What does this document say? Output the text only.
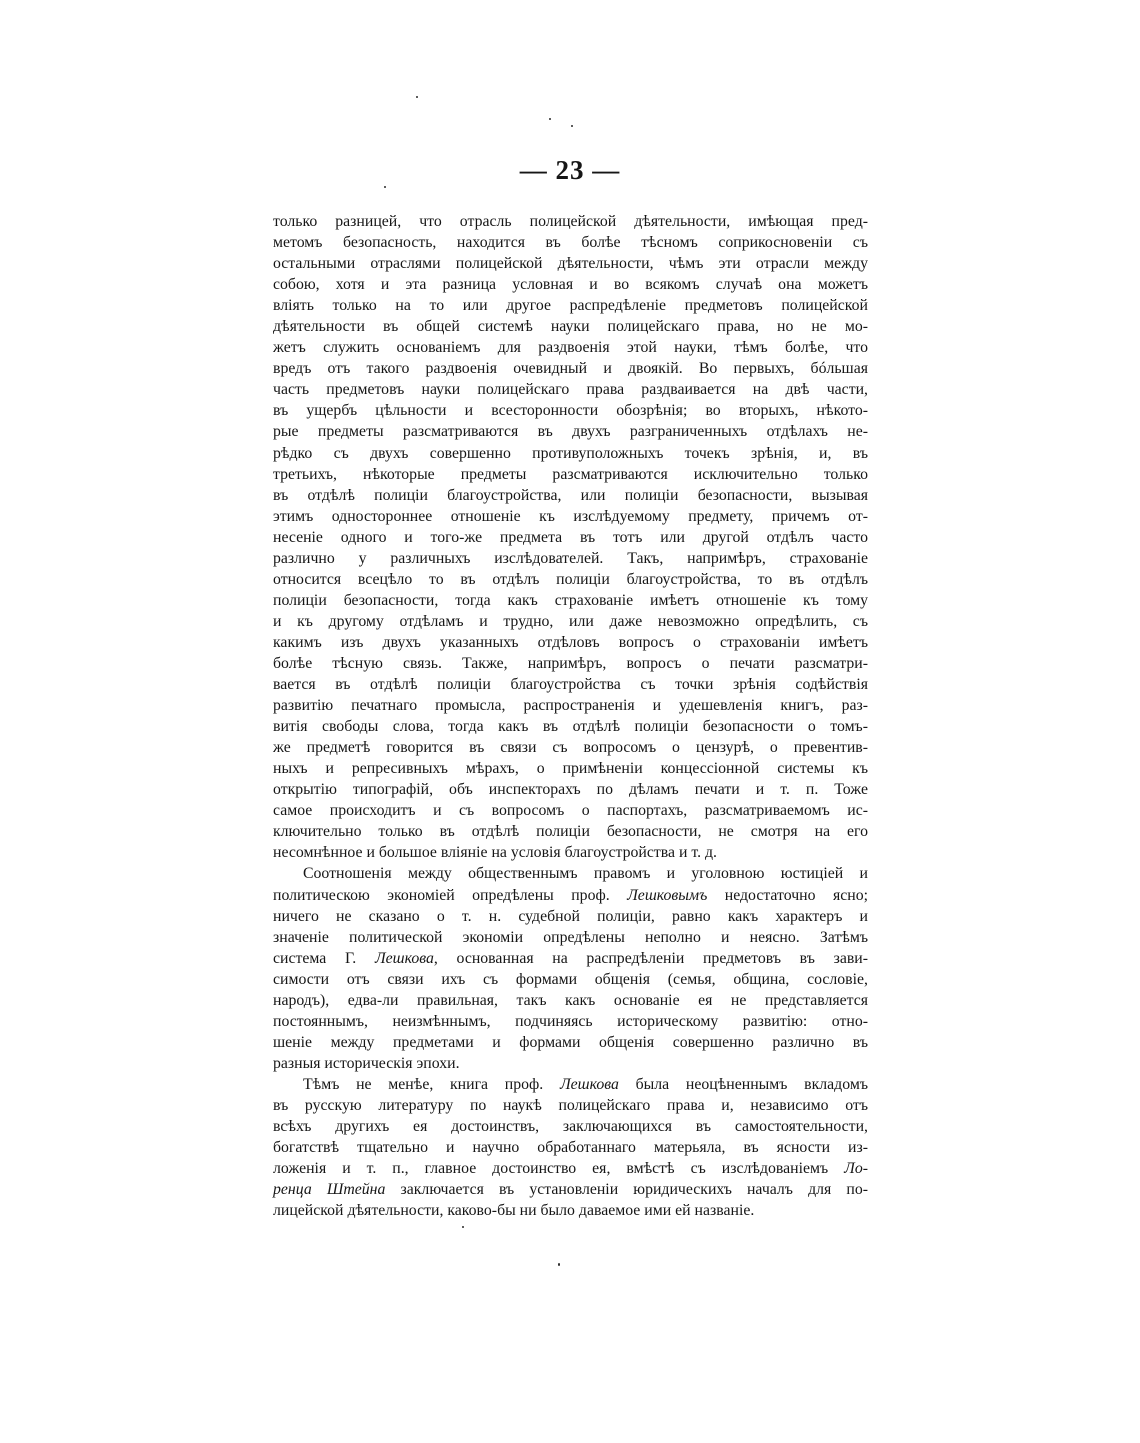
— 23 —
только разницей, что отрасль полицейской дѣятельности, имѣющая пред-
метомъ безопасность, находится въ болѣе тѣсномъ соприкосновеніи съ
остальными отраслями полицейской дѣятельности, чѣмъ эти отрасли между
собою, хотя и эта разница условная и во всякомъ случаѣ она можетъ
вліять только на то или другое распредѣленіе предметовъ полицейской
дѣятельности въ общей системѣ науки полицейскаго права, но не мо-
жетъ служить основаніемъ для раздвоенія этой науки, тѣмъ болѣе, что
вредъ отъ такого раздвоенія очевидный и двоякій. Во первыхъ, бóльшая
часть предметовъ науки полицейскаго права раздваивается на двѣ части,
въ ущербъ цѣльности и всесторонности обозрѣнія; во вторыхъ, нѣкото-
рые предметы разсматриваются въ двухъ разграниченныхъ отдѣлахъ не-
рѣдко съ двухъ совершенно противуположныхъ точекъ зрѣнія, и, въ
третьихъ, нѣкоторые предметы разсматриваются исключительно только
въ отдѣлѣ полиціи благоустройства, или полиціи безопасности, вызывая
этимъ одностороннее отношеніе къ изслѣдуемому предмету, причемъ от-
несеніе одного и того-же предмета въ тотъ или другой отдѣлъ часто
различно у различныхъ изслѣдователей. Такъ, напримѣръ, страхованіе
относится всецѣло то въ отдѣлъ полиціи благоустройства, то въ отдѣлъ
полиціи безопасности, тогда какъ страхованіе имѣетъ отношеніе къ тому
и къ другому отдѣламъ и трудно, или даже невозможно опредѣлить, съ
какимъ изъ двухъ указанныхъ отдѣловъ вопросъ о страхованіи имѣетъ
болѣе тѣсную связь. Также, напримѣръ, вопросъ о печати разсматри-
вается въ отдѣлѣ полиціи благоустройства съ точки зрѣнія содѣйствія
развитію печатнаго промысла, распространенія и удешевленія книгъ, раз-
витія свободы слова, тогда какъ въ отдѣлѣ полиціи безопасности о томъ-
же предметѣ говорится въ связи съ вопросомъ о цензурѣ, о превентив-
ныхъ и репресивныхъ мѣрахъ, о примѣненіи концессіонной системы къ
открытію типографій, объ инспекторахъ по дѣламъ печати и т. п. Тоже
самое происходитъ и съ вопросомъ о паспортахъ, разсматриваемомъ ис-
ключительно только въ отдѣлѣ полиціи безопасности, не смотря на его
несомнѣнное и большое вліяніе на условія благоустройства и т. д.
Соотношенія между общественнымъ правомъ и уголовною юстиціей и
политическою экономіей опредѣлены проф. Лешковымъ недостаточно ясно;
ничего не сказано о т. н. судебной полиціи, равно какъ характеръ и
значеніе политической экономіи опредѣлены неполно и неясно. Затѣмъ
система Г. Лешкова, основанная на распредѣленіи предметовъ въ зави-
симости отъ связи ихъ съ формами общенія (семья, община, сословіе,
народъ), едва-ли правильная, такъ какъ основаніе ея не представляется
постояннымъ, неизмѣннымъ, подчиняясь историческому развитію: отно-
шеніе между предметами и формами общенія совершенно различно въ
разныя историческія эпохи.
Тѣмъ не менѣе, книга проф. Лешкова была неоцѣненнымъ вкладомъ
въ русскую литературу по наукѣ полицейскаго права и, независимо отъ
всѣхъ другихъ ея достоинствъ, заключающихся въ самостоятельности,
богатствѣ тщательно и научно обработаннаго матерьяла, въ ясности из-
ложенія и т. п., главное достоинство ея, вмѣстѣ съ изслѣдованіемъ Ло-
ренца Штейна заключается въ установленіи юридическихъ началъ для по-
лицейской дѣятельности, каково-бы ни было даваемое ими ей названіе.
